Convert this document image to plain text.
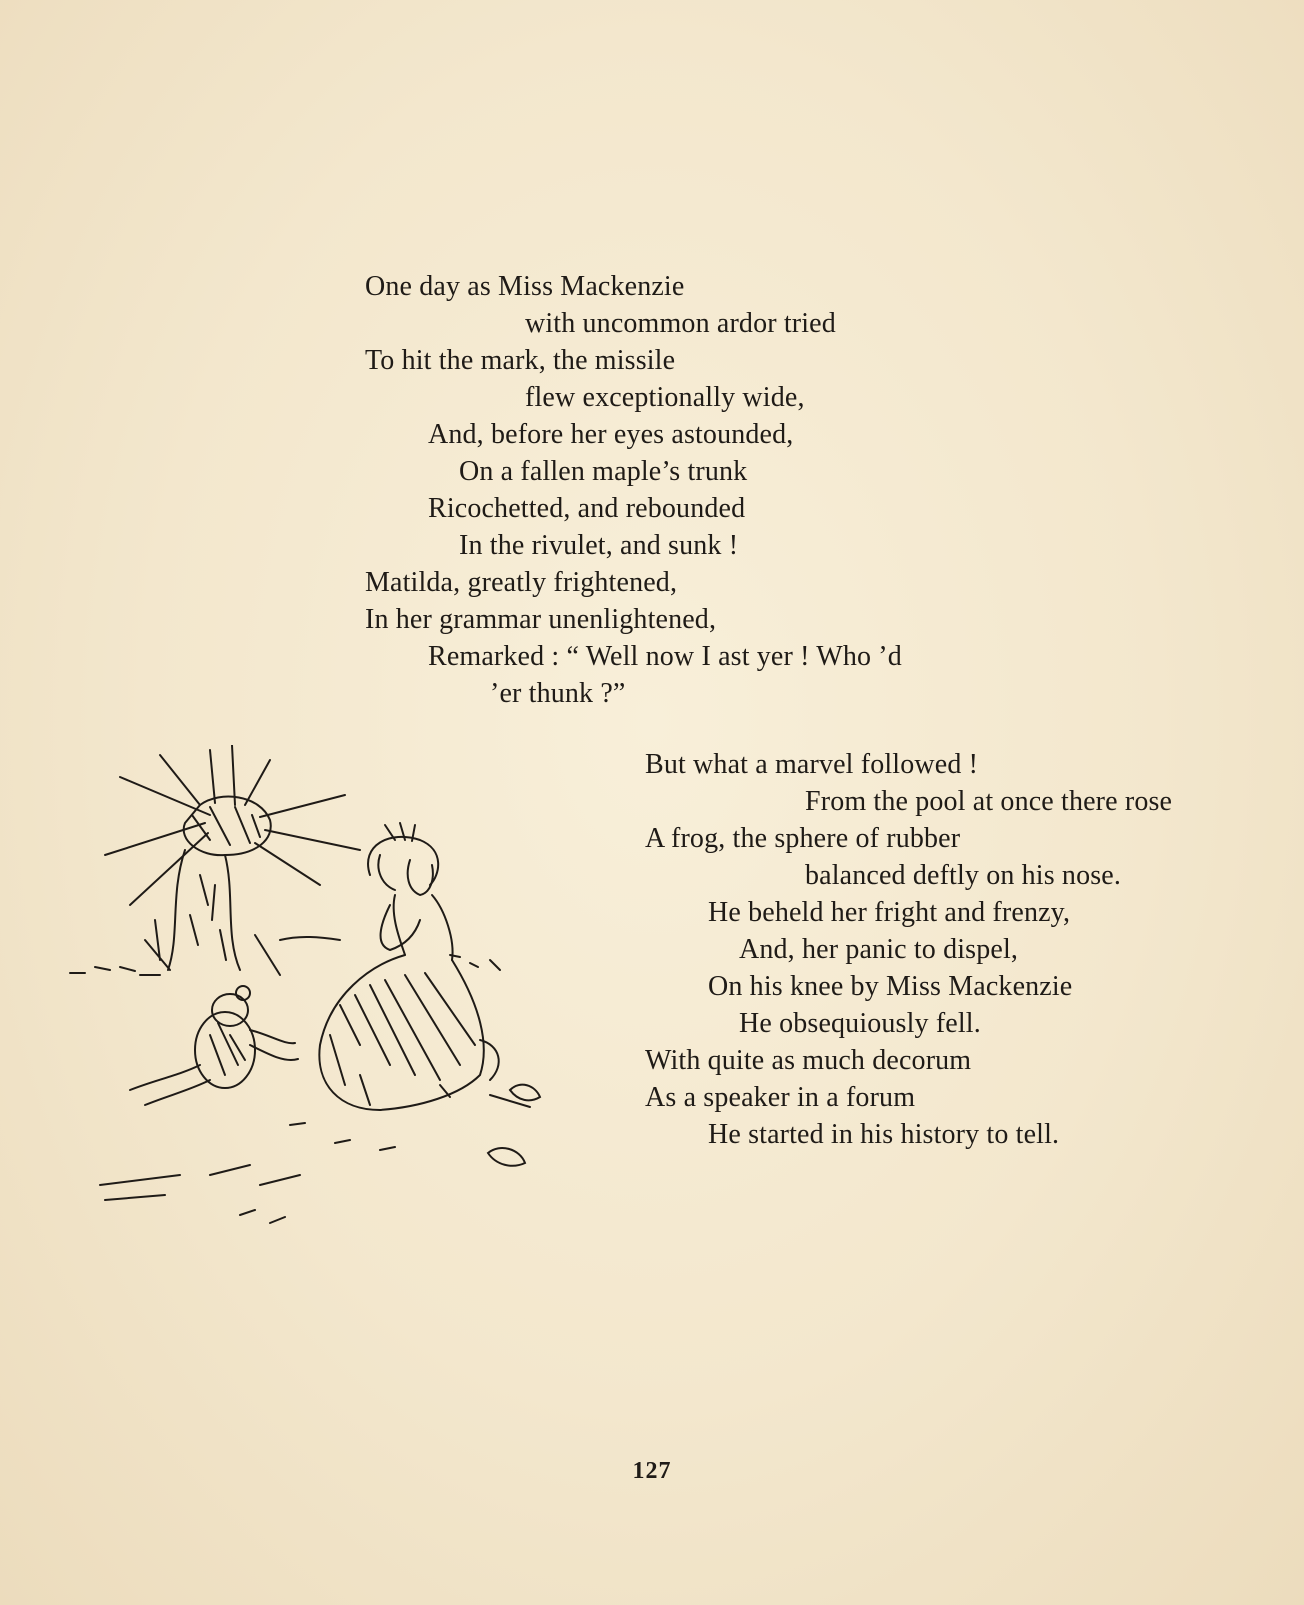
One day as Miss Mackenzie
with uncommon ardor tried
To hit the mark, the missile
flew exceptionally wide,
And, before her eyes astounded,
On a fallen maple’s trunk
Ricochetted, and rebounded
In the rivulet, and sunk !
Matilda, greatly frightened,
In her grammar unenlightened,
Remarked : “ Well now I ast yer ! Who ’d
’er thunk ?”
But what a marvel followed !
From the pool at once there rose
A frog, the sphere of rubber
balanced deftly on his nose.
He beheld her fright and frenzy,
And, her panic to dispel,
On his knee by Miss Mackenzie
He obsequiously fell.
With quite as much decorum
As a speaker in a forum
He started in his history to tell.
127
